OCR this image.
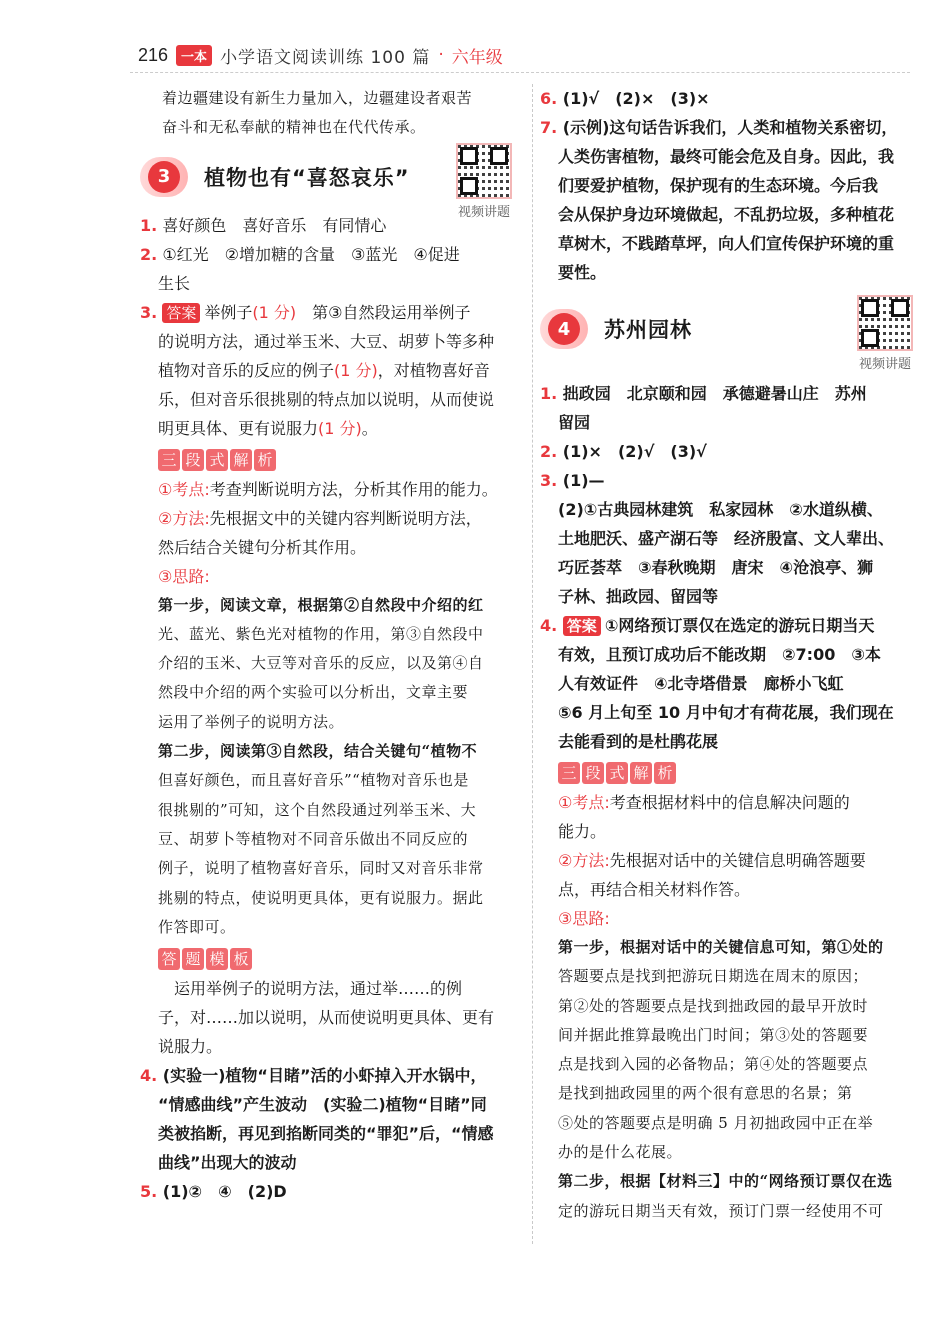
216	一本 小学语文阅读训练 100 篇 · 六年级

着边疆建设有新生力量加入，边疆建设者艰苦

奋斗和无私奉献的精神也在代代传承。

3	植物也有“喜怒哀乐”
视频讲题

1. 喜好颜色　喜好音乐　有同情心

2. ①红光　②增加糖的含量　③蓝光　④促进

生长

3. 答案 举例子(1 分)　第③自然段运用举例子

的说明方法，通过举玉米、大豆、胡萝卜等多种

植物对音乐的反应的例子(1 分)，对植物喜好音

乐，但对音乐很挑剔的特点加以说明，从而使说

明更具体、更有说服力(1 分)。

三 段 式 解 析

①考点:考查判断说明方法，分析其作用的能力。

②方法:先根据文中的关键内容判断说明方法，

然后结合关键句分析其作用。

③思路:

第一步，阅读文章，根据第②自然段中介绍的红

光、蓝光、紫色光对植物的作用，第③自然段中

介绍的玉米、大豆等对音乐的反应，以及第④自

然段中介绍的两个实验可以分析出，文章主要

运用了举例子的说明方法。

第二步，阅读第③自然段，结合关键句“植物不

但喜好颜色，而且喜好音乐”“植物对音乐也是

很挑剔的”可知，这个自然段通过列举玉米、大

豆、胡萝卜等植物对不同音乐做出不同反应的

例子，说明了植物喜好音乐，同时又对音乐非常

挑剔的特点，使说明更具体，更有说服力。据此

作答即可。

答 题 模 板

　运用举例子的说明方法，通过举……的例

子，对……加以说明，从而使说明更具体、更有

说服力。

4. (实验一)植物“目睹”活的小虾掉入开水锅中，

“情感曲线”产生波动　(实验二)植物“目睹”同

类被掐断，再见到掐断同类的“罪犯”后，“情感

曲线”出现大的波动

5. (1)②　④　(2)D

6. (1)√　(2)×　(3)×

7. (示例)这句话告诉我们，人类和植物关系密切，

人类伤害植物，最终可能会危及自身。因此，我

们要爱护植物，保护现有的生态环境。今后我

会从保护身边环境做起，不乱扔垃圾，多种植花

草树木，不践踏草坪，向人们宣传保护环境的重

要性。

4	苏州园林
视频讲题

1. 拙政园　北京颐和园　承德避暑山庄　苏州

留园

2. (1)×　(2)√　(3)√

3. (1)—

(2)①古典园林建筑　私家园林　②水道纵横、

土地肥沃、盛产湖石等　经济殷富、文人辈出、

巧匠荟萃　③春秋晚期　唐宋　④沧浪亭、狮

子林、拙政园、留园等

4. 答案 ①网络预订票仅在选定的游玩日期当天

有效，且预订成功后不能改期　②7:00　③本

人有效证件　④北寺塔借景　廊桥小飞虹

⑤6 月上旬至 10 月中旬才有荷花展，我们现在

去能看到的是杜鹃花展

三 段 式 解 析

①考点:考查根据材料中的信息解决问题的

能力。

②方法:先根据对话中的关键信息明确答题要

点，再结合相关材料作答。

③思路:

第一步，根据对话中的关键信息可知，第①处的

答题要点是找到把游玩日期选在周末的原因；

第②处的答题要点是找到拙政园的最早开放时

间并据此推算最晚出门时间；第③处的答题要

点是找到入园的必备物品；第④处的答题要点

是找到拙政园里的两个很有意思的名景；第

⑤处的答题要点是明确 5 月初拙政园中正在举

办的是什么花展。

第二步，根据【材料三】中的“网络预订票仅在选

定的游玩日期当天有效，预订门票一经使用不可
